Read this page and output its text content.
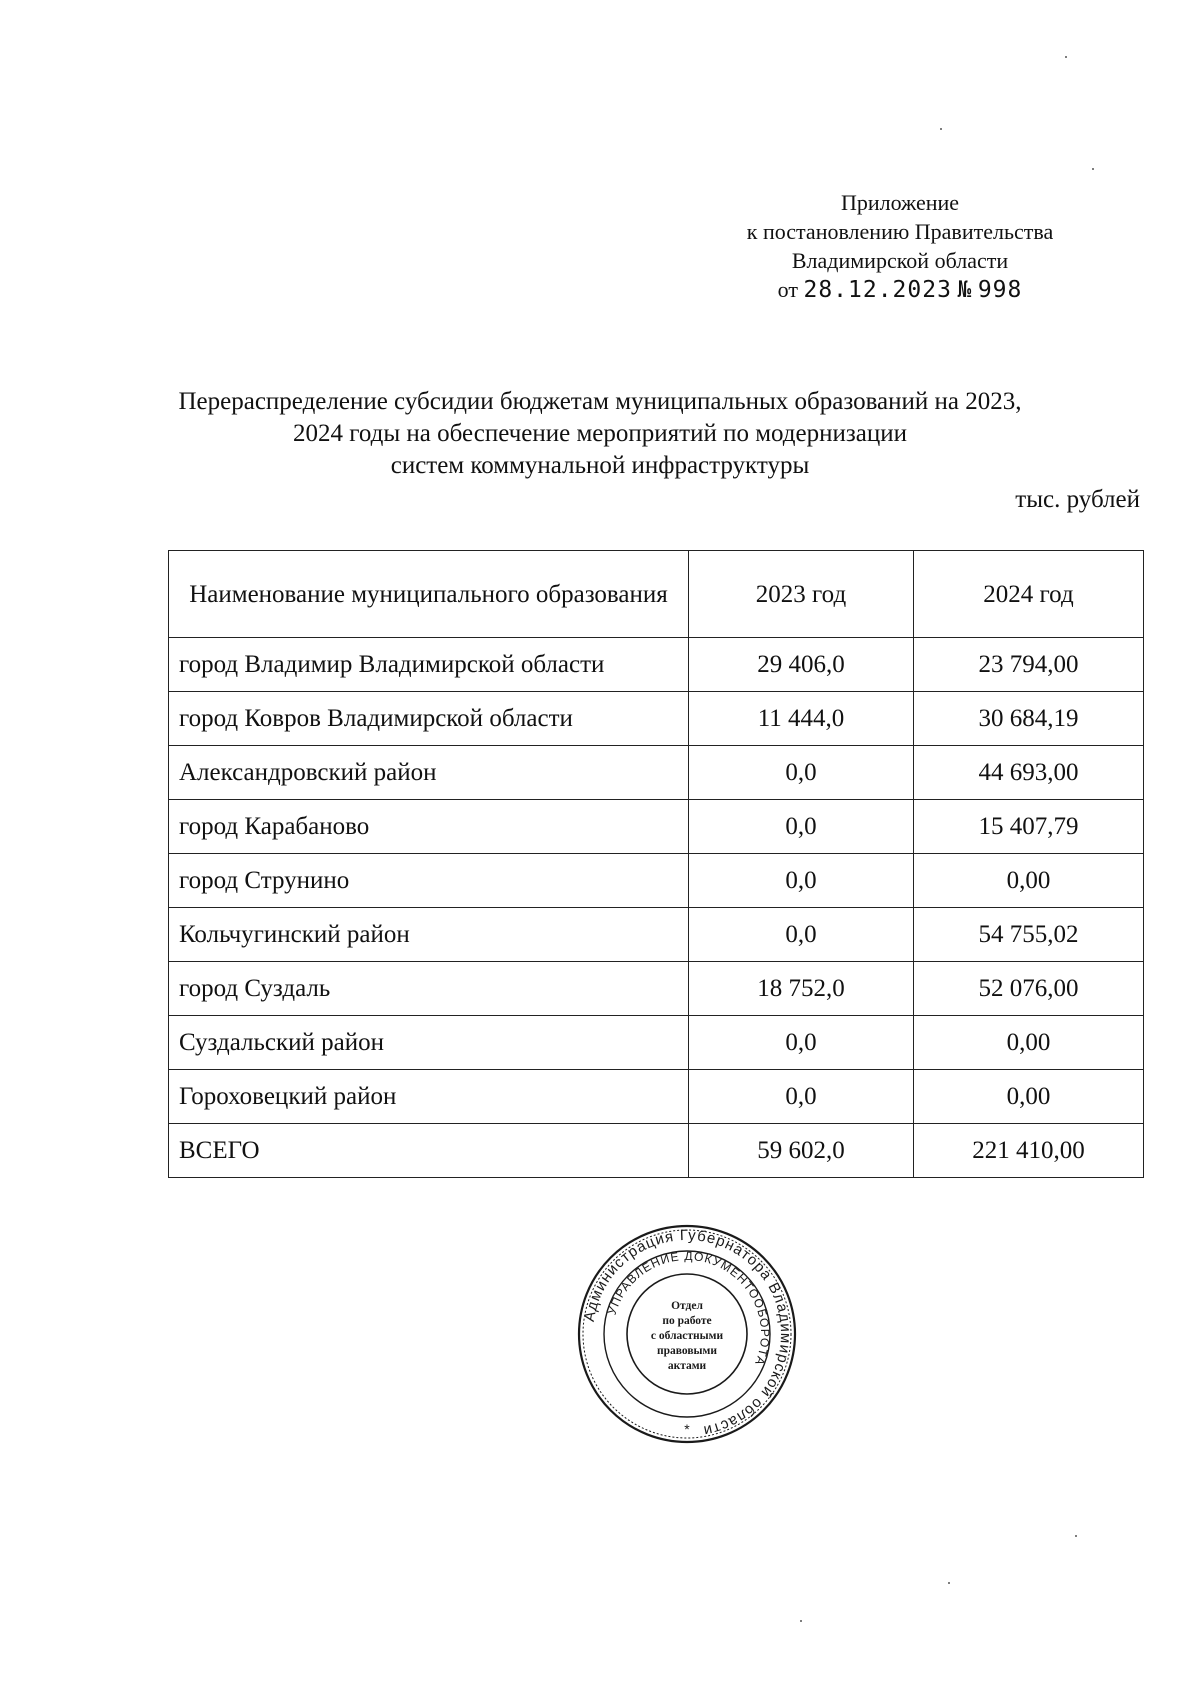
Приложение
к постановлению Правительства
Владимирской области
от 28.12.2023 № 998
Перераспределение субсидии бюджетам муниципальных образований на 2023,
2024 годы на обеспечение мероприятий по модернизации
систем коммунальной инфраструктуры
тыс. рублей
Наименование муниципального образования	2023 год	2024 год
город Владимир Владимирской области	29 406,0	23 794,00
город Ковров Владимирской области	11 444,0	30 684,19
Александровский район	0,0	44 693,00
город Карабаново	0,0	15 407,79
город Струнино	0,0	0,00
Кольчугинский район	0,0	54 755,02
город Суздаль	18 752,0	52 076,00
Суздальский район	0,0	0,00
Гороховецкий район	0,0	0,00
ВСЕГО	59 602,0	221 410,00
Администрация Губернатора Владимирской области
УПРАВЛЕНИЕ ДОКУМЕНТООБОРОТА
Отдел
по работе
с областными
правовыми
актами
*
